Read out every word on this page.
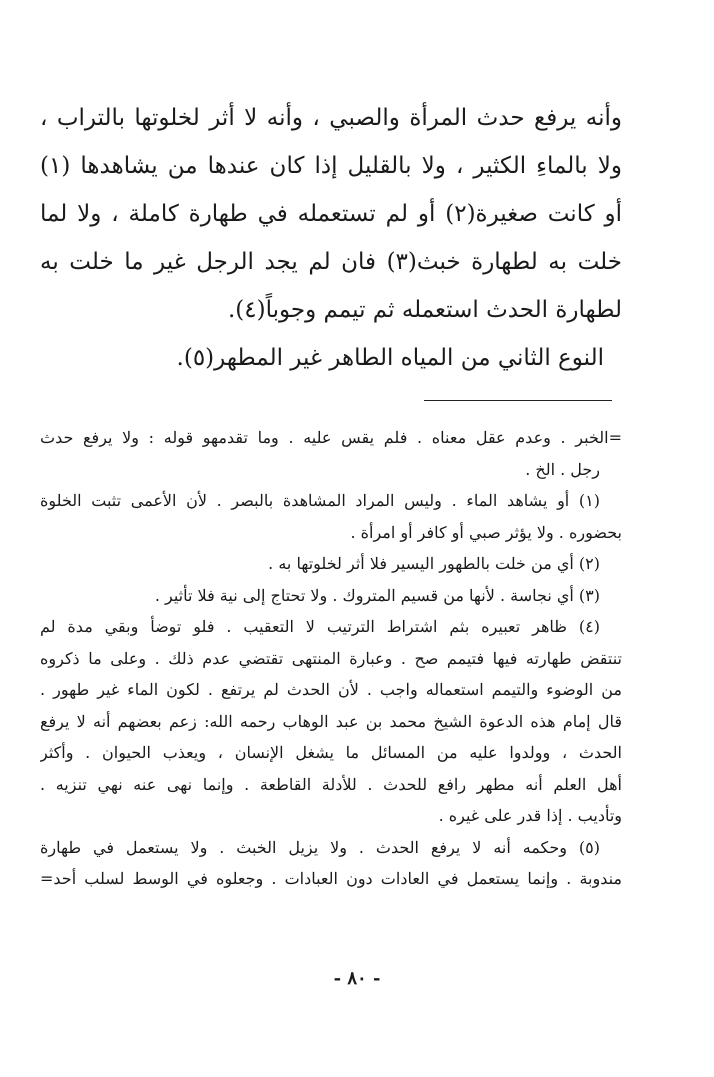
وأنه يرفع حدث المرأة والصبي ، وأنه لا أثر لخلوتها بالتراب ،
ولا بالماءِ الكثير ، ولا بالقليل إذا كان عندها من يشاهدها (١)
أو كانت صغيرة(٢) أو لم تستعمله في طهارة كاملة ، ولا لما
خلت به لطهارة خبث(٣) فان لم يجد الرجل غير ما خلت به
لطهارة الحدث استعمله ثم تيمم وجوباً(٤).
النوع الثاني من المياه الطاهر غير المطهر(٥).
=الخبر . وعدم عقل معناه . فلم يقس عليه . وما تقدمهو قوله : ولا يرفع حدث
رجل . الخ .
(١) أو يشاهد الماء . وليس المراد المشاهدة بالبصر . لأن الأعمى تثبت الخلوة
بحضوره . ولا يؤثر صبي أو كافر أو امرأة .
(٢) أي من خلت بالطهور اليسير فلا أثر لخلوتها به .
(٣) أي نجاسة . لأنها من قسيم المتروك . ولا تحتاج إلى نية فلا تأثير .
(٤) ظاهر تعبيره بثم اشتراط الترتيب لا التعقيب . فلو توضأ وبقي مدة لم
تنتقض طهارته فيها فتيمم صح . وعبارة المنتهى تقتضي عدم ذلك . وعلى ما ذكروه
من الوضوء والتيمم استعماله واجب . لأن الحدث لم يرتفع . لكون الماء غير طهور .
قال إمام هذه الدعوة الشيخ محمد بن عبد الوهاب رحمه الله: زعم بعضهم أنه لا يرفع
الحدث ، وولدوا عليه من المسائل ما يشغل الإنسان ، ويعذب الحيوان . وأكثر
أهل العلم أنه مطهر رافع للحدث . للأدلة القاطعة . وإنما نهى عنه نهي تنزيه .
وتأديب . إذا قدر على غيره .
(٥) وحكمه أنه لا يرفع الحدث . ولا يزيل الخبث . ولا يستعمل في طهارة
مندوبة . وإنما يستعمل في العادات دون العبادات . وجعلوه في الوسط لسلب أحد=
- ٨٠ -
